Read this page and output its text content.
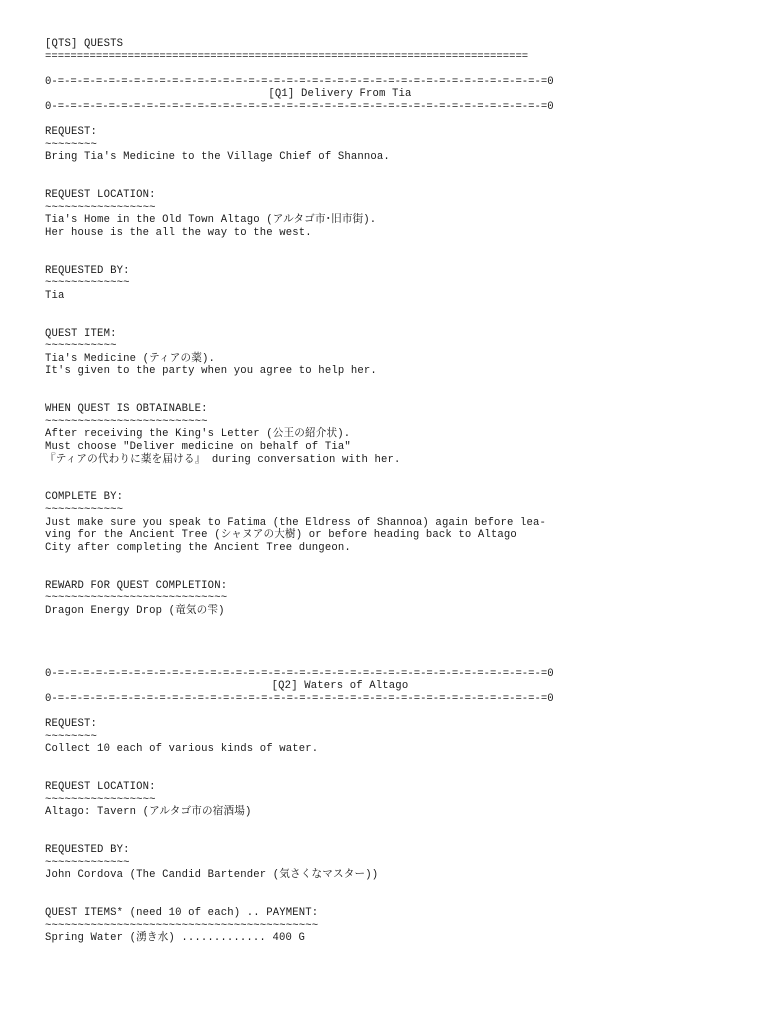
[QTS] QUESTS
============================================================================
0-=-=-=-=-=-=-=-=-=-=-=-=-=-=-=-=-=-=-=-=-=-=-=-=-=-=-=-=-=-=-=-=-=-=-=-=-=-=-=0
[Q1] Delivery From Tia
0-=-=-=-=-=-=-=-=-=-=-=-=-=-=-=-=-=-=-=-=-=-=-=-=-=-=-=-=-=-=-=-=-=-=-=-=-=-=-=0
REQUEST:
~~~~~~~~
Bring Tia's Medicine to the Village Chief of Shannoa.
REQUEST LOCATION:
~~~~~~~~~~~~~~~~~
Tia's Home in the Old Town Altago (アルタゴ市･旧市街).
Her house is the all the way to the west.
REQUESTED BY:
~~~~~~~~~~~~~
Tia
QUEST ITEM:
~~~~~~~~~~~
Tia's Medicine (ティアの薬).
It's given to the party when you agree to help her.
WHEN QUEST IS OBTAINABLE:
~~~~~~~~~~~~~~~~~~~~~~~~~
After receiving the King's Letter (公王の紹介状).
Must choose "Deliver medicine on behalf of Tia"
『ティアの代わりに薬を届ける』 during conversation with her.
COMPLETE BY:
~~~~~~~~~~~~
Just make sure you speak to Fatima (the Eldress of Shannoa) again before lea-
ving for the Ancient Tree (シャヌアの大樹) or before heading back to Altago
City after completing the Ancient Tree dungeon.
REWARD FOR QUEST COMPLETION:
~~~~~~~~~~~~~~~~~~~~~~~~~~~~
Dragon Energy Drop (竜気の雫)
0-=-=-=-=-=-=-=-=-=-=-=-=-=-=-=-=-=-=-=-=-=-=-=-=-=-=-=-=-=-=-=-=-=-=-=-=-=-=-=0
[Q2] Waters of Altago
0-=-=-=-=-=-=-=-=-=-=-=-=-=-=-=-=-=-=-=-=-=-=-=-=-=-=-=-=-=-=-=-=-=-=-=-=-=-=-=0
REQUEST:
~~~~~~~~
Collect 10 each of various kinds of water.
REQUEST LOCATION:
~~~~~~~~~~~~~~~~~
Altago: Tavern (アルタゴ市の宿酒場)
REQUESTED BY:
~~~~~~~~~~~~~
John Cordova (The Candid Bartender (気さくなマスター))
QUEST ITEMS* (need 10 of each) .. PAYMENT:
~~~~~~~~~~~~~~~~~~~~~~~~~~~~~~~~~~~~~~~~~~
Spring Water (湧き水) ............. 400 G
